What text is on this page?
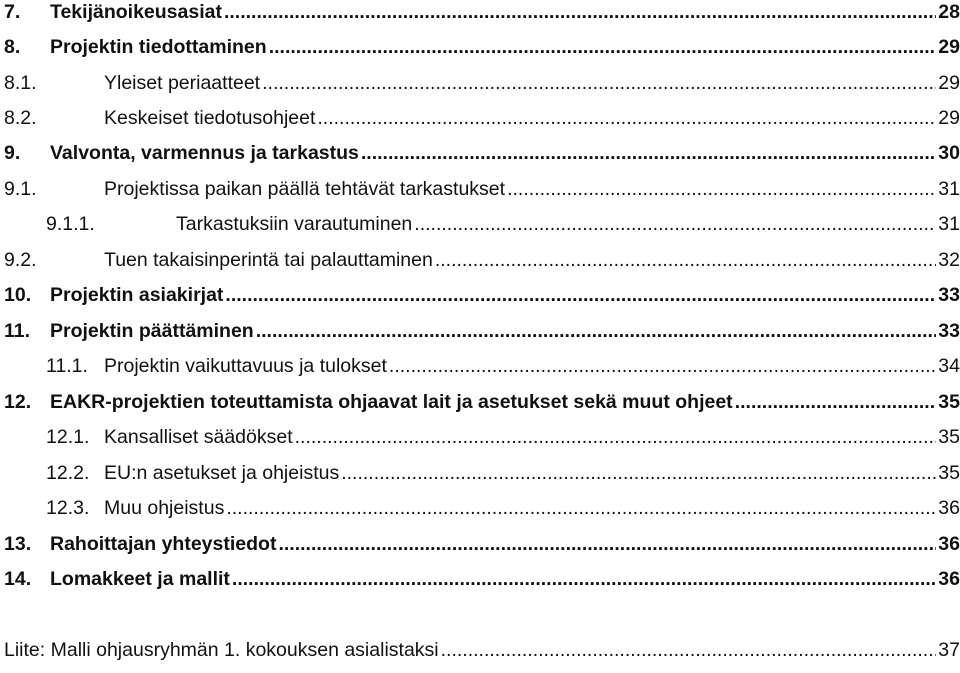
7.	Tekijänoikeusasiat .....	28
8.	Projektin tiedottaminen .....	29
8.1.	Yleiset periaatteet .....	29
8.2.	Keskeiset tiedotusohjeet .....	29
9.	Valvonta, varmennus ja tarkastus .....	30
9.1.	Projektissa paikan päällä tehtävät tarkastukset .....	31
9.1.1.	Tarkastuksiin varautuminen .....	31
9.2.	Tuen takaisinperintä tai palauttaminen .....	32
10. Projektin asiakirjat .....	33
11.	Projektin päättäminen .....	33
11.1. Projektin vaikuttavuus ja tulokset .....	34
12. EAKR-projektien toteuttamista ohjaavat lait ja asetukset sekä muut ohjeet .....	35
12.1. Kansalliset säädökset .....	35
12.2. EU:n asetukset ja ohjeistus .....	35
12.3. Muu ohjeistus .....	36
13. Rahoittajan yhteystiedot .....	36
14. Lomakkeet ja mallit .....	36
Liite: Malli ohjausryhmän 1. kokouksen asialistaksi .....	37
